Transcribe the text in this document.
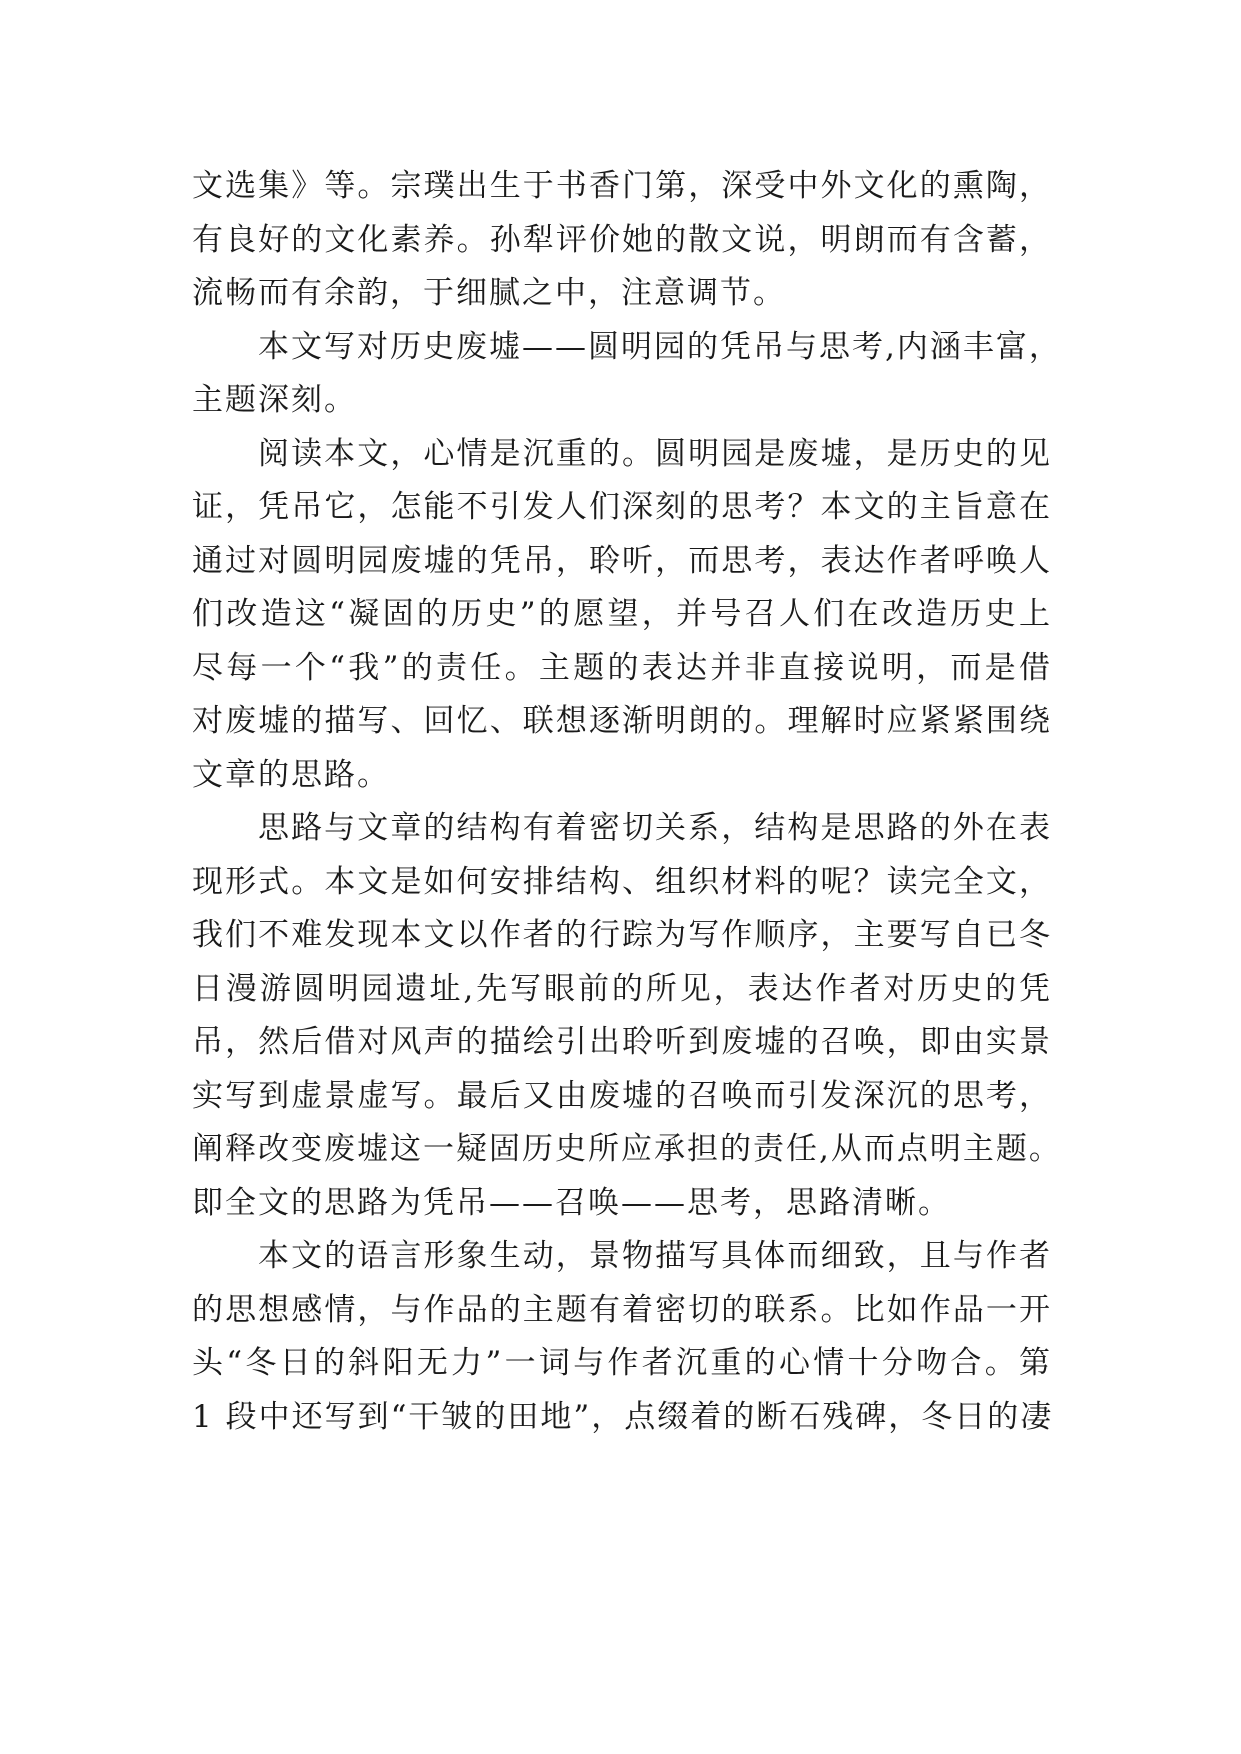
文选集》等。宗璞出生于书香门第，深受中外文化的熏陶，
有良好的文化素养。孙犁评价她的散文说，明朗而有含蓄，
流畅而有余韵，于细腻之中，注意调节。
本文写对历史废墟——圆明园的凭吊与思考,内涵丰富，
主题深刻。
阅读本文，心情是沉重的。圆明园是废墟，是历史的见
证，凭吊它，怎能不引发人们深刻的思考？本文的主旨意在
通过对圆明园废墟的凭吊，聆听，而思考，表达作者呼唤人
们改造这“凝固的历史”的愿望，并号召人们在改造历史上
尽每一个“我”的责任。主题的表达并非直接说明，而是借
对废墟的描写、回忆、联想逐渐明朗的。理解时应紧紧围绕
文章的思路。
思路与文章的结构有着密切关系，结构是思路的外在表
现形式。本文是如何安排结构、组织材料的呢？读完全文，
我们不难发现本文以作者的行踪为写作顺序，主要写自已冬
日漫游圆明园遗址,先写眼前的所见，表达作者对历史的凭
吊，然后借对风声的描绘引出聆听到废墟的召唤，即由实景
实写到虚景虚写。最后又由废墟的召唤而引发深沉的思考，
阐释改变废墟这一疑固历史所应承担的责任,从而点明主题。
即全文的思路为凭吊——召唤——思考，思路清晰。
本文的语言形象生动，景物描写具体而细致，且与作者
的思想感情，与作品的主题有着密切的联系。比如作品一开
头“冬日的斜阳无力”一词与作者沉重的心情十分吻合。第
1 段中还写到“干皱的田地”，点缀着的断石残碑，冬日的凄
